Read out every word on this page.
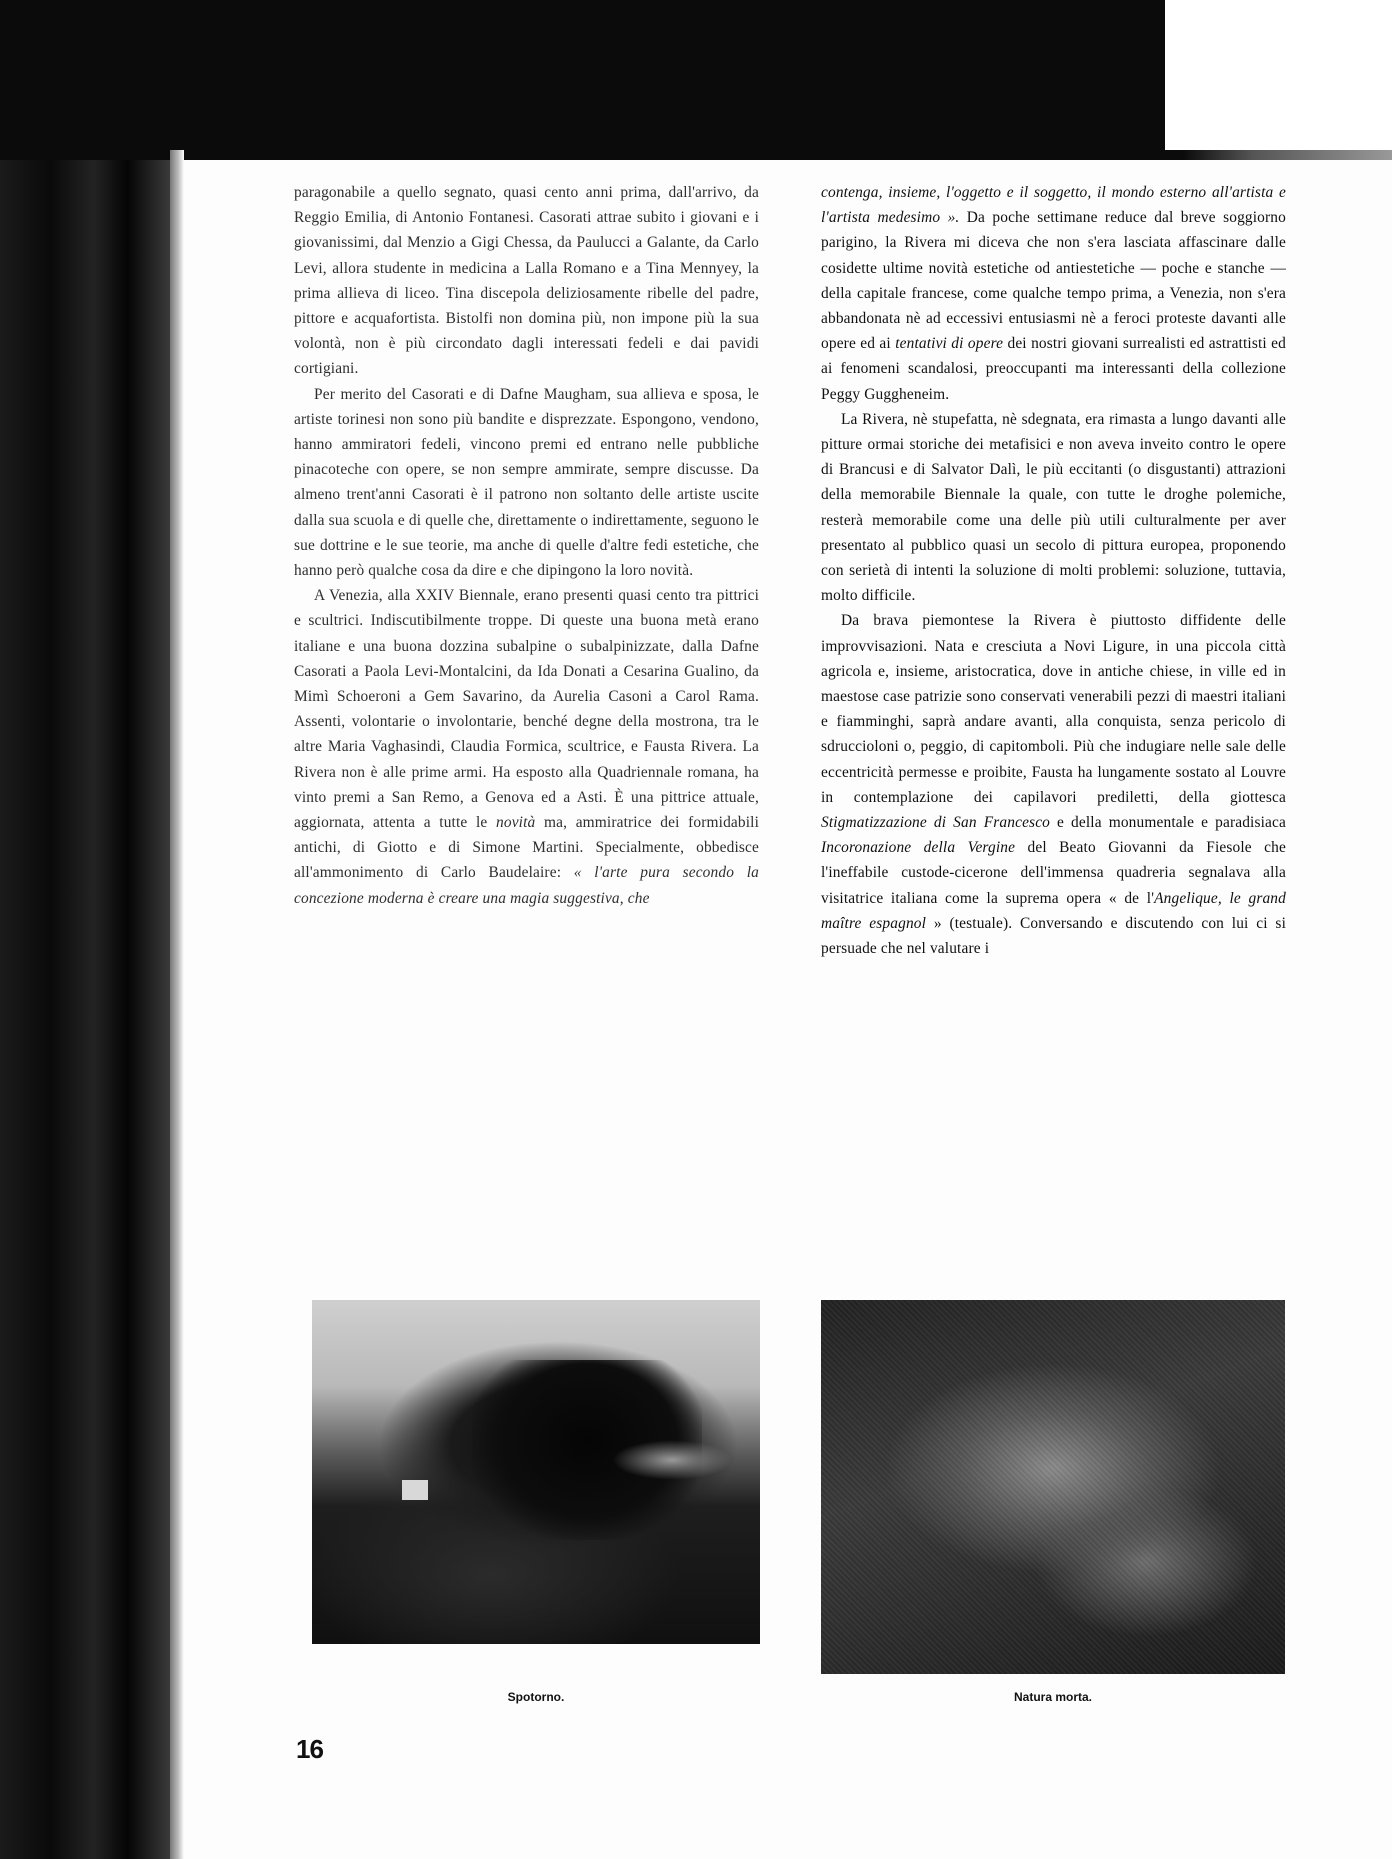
paragonabile a quello segnato, quasi cento anni prima, dall'arrivo, da Reggio Emilia, di Antonio Fontanesi. Casorati attrae subito i giovani e i giovanissimi, dal Menzio a Gigi Chessa, da Paulucci a Galante, da Carlo Levi, allora studente in medicina a Lalla Romano e a Tina Mennyey, la prima allieva di liceo. Tina discepola deliziosamente ribelle del padre, pittore e acquafortista. Bistolfi non domina più, non impone più la sua volontà, non è più circondato dagli interessati fedeli e dai pavidi cortigiani.

Per merito del Casorati e di Dafne Maugham, sua allieva e sposa, le artiste torinesi non sono più bandite e disprezzate. Espongono, vendono, hanno ammiratori fedeli, vincono premi ed entrano nelle pubbliche pinacoteche con opere, se non sempre ammirate, sempre discusse. Da almeno trent'anni Casorati è il patrono non soltanto delle artiste uscite dalla sua scuola e di quelle che, direttamente o indirettamente, seguono le sue dottrine e le sue teorie, ma anche di quelle d'altre fedi estetiche, che hanno però qualche cosa da dire e che dipingono la loro novità.

A Venezia, alla XXIV Biennale, erano presenti quasi cento tra pittrici e scultrici. Indiscutibilmente troppe. Di queste una buona metà erano italiane e una buona dozzina subalpine o subalpinizzate, dalla Dafne Casorati a Paola Levi-Montalcini, da Ida Donati a Cesarina Gualino, da Mimì Schoeroni a Gem Savarino, da Aurelia Casoni a Carol Rama. Assenti, volontarie o involontarie, benché degne della mostrona, tra le altre Maria Vaghasindi, Claudia Formica, scultrice, e Fausta Rivera. La Rivera non è alle prime armi. Ha esposto alla Quadriennale romana, ha vinto premi a San Remo, a Genova ed a Asti. È una pittrice attuale, aggiornata, attenta a tutte le novità ma, ammiratrice dei formidabili antichi, di Giotto e di Simone Martini. Specialmente, obbedisce all'ammonimento di Carlo Baudelaire: « l'arte pura secondo la concezione moderna è creare una magia suggestiva, che

contenga, insieme, l'oggetto e il soggetto, il mondo esterno all'artista e l'artista medesimo ». Da poche settimane reduce dal breve soggiorno parigino, la Rivera mi diceva che non s'era lasciata affascinare dalle cosidette ultime novità estetiche od antiestetiche — poche e stanche — della capitale francese, come qualche tempo prima, a Venezia, non s'era abbandonata nè ad eccessivi entusiasmi nè a feroci proteste davanti alle opere ed ai tentativi di opere dei nostri giovani surrealisti ed astrattisti ed ai fenomeni scandalosi, preoccupanti ma interessanti della collezione Peggy Guggheneim.

La Rivera, nè stupefatta, nè sdegnata, era rimasta a lungo davanti alle pitture ormai storiche dei metafisici e non aveva inveito contro le opere di Brancusi e di Salvator Dalì, le più eccitanti (o disgustanti) attrazioni della memorabile Biennale la quale, con tutte le droghe polemiche, resterà memorabile come una delle più utili culturalmente per aver presentato al pubblico quasi un secolo di pittura europea, proponendo con serietà di intenti la soluzione di molti problemi: soluzione, tuttavia, molto difficile.

Da brava piemontese la Rivera è piuttosto diffidente delle improvvisazioni. Nata e cresciuta a Novi Ligure, in una piccola città agricola e, insieme, aristocratica, dove in antiche chiese, in ville ed in maestose case patrizie sono conservati venerabili pezzi di maestri italiani e fiamminghi, saprà andare avanti, alla conquista, senza pericolo di sdruccioloni o, peggio, di capitomboli. Più che indugiare nelle sale delle eccentricità permesse e proibite, Fausta ha lungamente sostato al Louvre in contemplazione dei capilavori prediletti, della giottesca Stigmatizzazione di San Francesco e della monumentale e paradisiaca Incoronazione della Vergine del Beato Giovanni da Fiesole che l'ineffabile custode-cicerone dell'immensa quadreria segnalava alla visitatrice italiana come la suprema opera « de l'Angelique, le grand maître espagnol » (testuale). Conversando e discutendo con lui ci si persuade che nel valutare i

Spotorno.	Natura morta.
16
